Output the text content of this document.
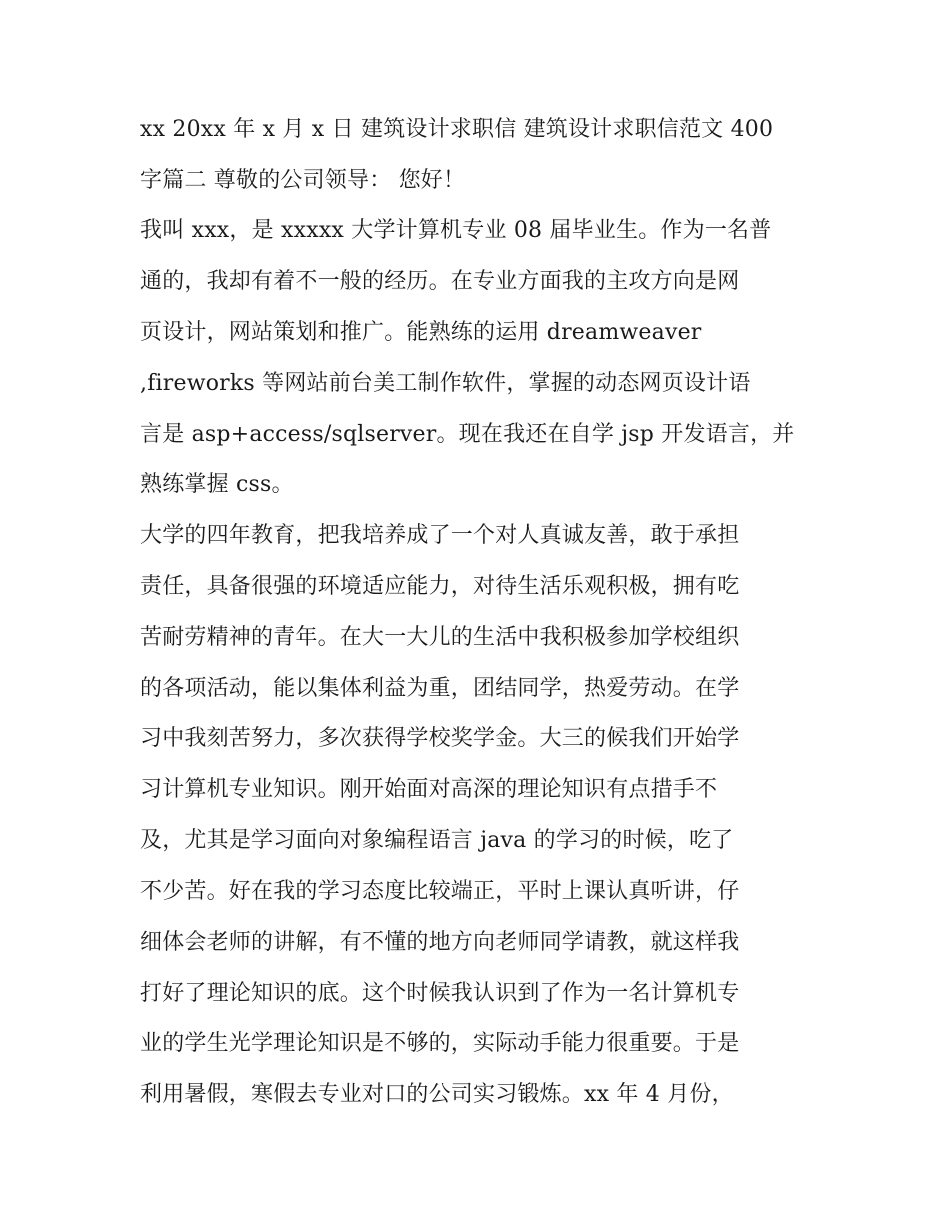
xx 20xx 年 x 月 x 日 建筑设计求职信 建筑设计求职信范文 400
字篇二 尊敬的公司领导： 您好！
我叫 xxx，是 xxxxx 大学计算机专业 08 届毕业生。作为一名普
通的，我却有着不一般的经历。在专业方面我的主攻方向是网
页设计，网站策划和推广。能熟练的运用 dreamweaver
,fireworks 等网站前台美工制作软件，掌握的动态网页设计语
言是 asp+access/sqlserver。现在我还在自学 jsp 开发语言，并
熟练掌握 css。
大学的四年教育，把我培养成了一个对人真诚友善，敢于承担
责任，具备很强的环境适应能力，对待生活乐观积极，拥有吃
苦耐劳精神的青年。在大一大儿的生活中我积极参加学校组织
的各项活动，能以集体利益为重，团结同学，热爱劳动。在学
习中我刻苦努力，多次获得学校奖学金。大三的候我们开始学
习计算机专业知识。刚开始面对高深的理论知识有点措手不
及，尤其是学习面向对象编程语言 java 的学习的时候，吃了
不少苦。好在我的学习态度比较端正，平时上课认真听讲，仔
细体会老师的讲解，有不懂的地方向老师同学请教，就这样我
打好了理论知识的底。这个时候我认识到了作为一名计算机专
业的学生光学理论知识是不够的，实际动手能力很重要。于是
利用暑假，寒假去专业对口的公司实习锻炼。xx 年 4 月份，
